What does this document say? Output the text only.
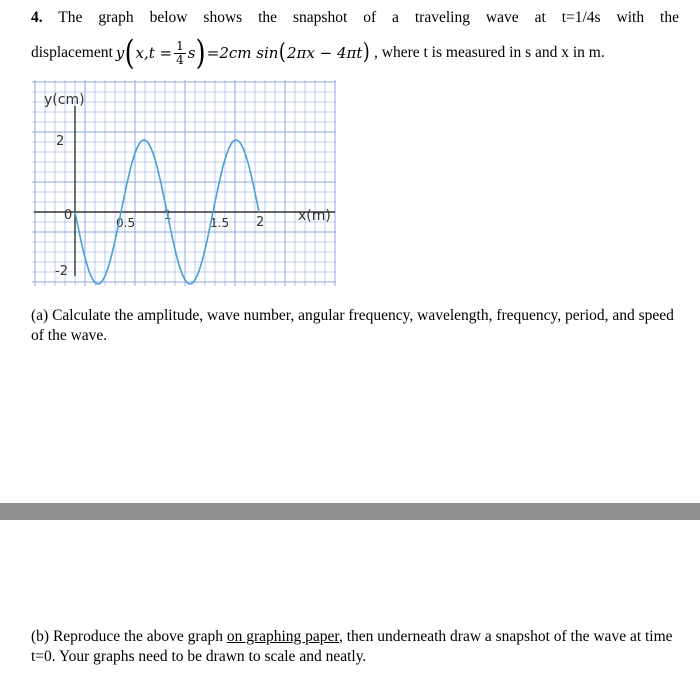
4. The graph below shows the snapshot of a traveling wave at t=1/4s with the
displacement y ( $x,t = \frac{1}{4}$ s ) = 2cm sin ( 2πx − 4πt ) , where t is measured in s and x in m.
y(cm)
x(m)
0
2
-2
0.5
1
1.5 2
(a) Calculate the amplitude, wave number, angular frequency, wavelength, frequency, period, and speed of the wave.
(b) Reproduce the above graph on graphing paper, then underneath draw a snapshot of the wave at time t=0. Your graphs need to be drawn to scale and neatly.
